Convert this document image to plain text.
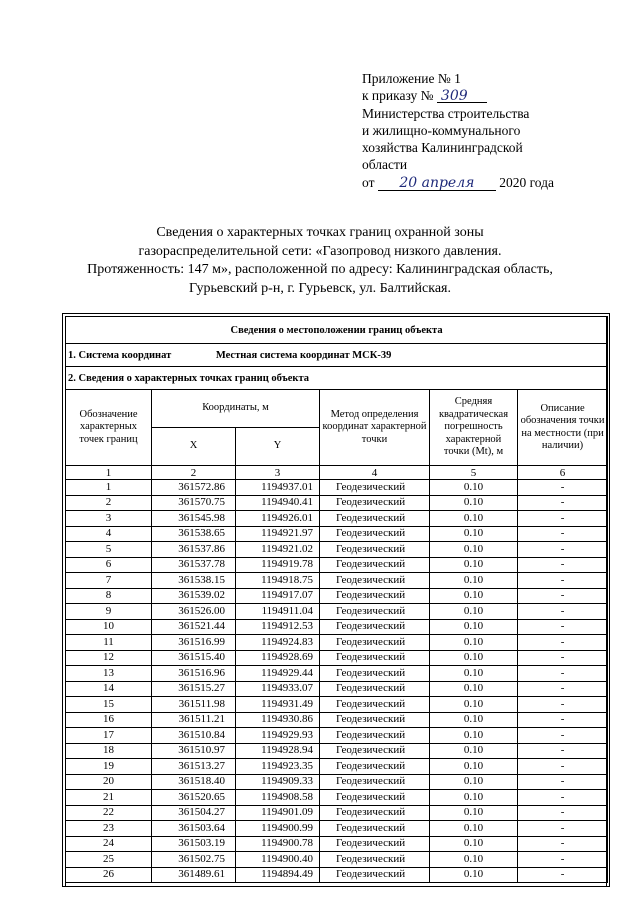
Приложение № 1
к приказу № 309
Министерства строительства
и жилищно-коммунального
хозяйства Калининградской
области
от 20 апреля 2020 года
Сведения о характерных точках границ охранной зоны
газораспределительной сети: «Газопровод низкого давления.
Протяженность: 147 м», расположенной по адресу: Калининградская область,
Гурьевский р-н, г. Гурьевск, ул. Балтийская.
Сведения о местоположении границ объекта					
1. Система координат Местная система координат МСК-39					
2. Сведения о характерных точках границ объекта					
Обозначение характерных точек границ	Координаты, м		Метод определения координат характерной точки	Средняя квадратическая погрешность характерной точки (Mt), м	Описание обозначения точки на местности (при наличии)
	X	Y			
1	2	3	4	5	6
1	361572.86	1194937.01	Геодезический	0.10	-
2	361570.75	1194940.41	Геодезический	0.10	-
3	361545.98	1194926.01	Геодезический	0.10	-
4	361538.65	1194921.97	Геодезический	0.10	-
5	361537.86	1194921.02	Геодезический	0.10	-
6	361537.78	1194919.78	Геодезический	0.10	-
7	361538.15	1194918.75	Геодезический	0.10	-
8	361539.02	1194917.07	Геодезический	0.10	-
9	361526.00	1194911.04	Геодезический	0.10	-
10	361521.44	1194912.53	Геодезический	0.10	-
11	361516.99	1194924.83	Геодезический	0.10	-
12	361515.40	1194928.69	Геодезический	0.10	-
13	361516.96	1194929.44	Геодезический	0.10	-
14	361515.27	1194933.07	Геодезический	0.10	-
15	361511.98	1194931.49	Геодезический	0.10	-
16	361511.21	1194930.86	Геодезический	0.10	-
17	361510.84	1194929.93	Геодезический	0.10	-
18	361510.97	1194928.94	Геодезический	0.10	-
19	361513.27	1194923.35	Геодезический	0.10	-
20	361518.40	1194909.33	Геодезический	0.10	-
21	361520.65	1194908.58	Геодезический	0.10	-
22	361504.27	1194901.09	Геодезический	0.10	-
23	361503.64	1194900.99	Геодезический	0.10	-
24	361503.19	1194900.78	Геодезический	0.10	-
25	361502.75	1194900.40	Геодезический	0.10	-
26	361489.61	1194894.49	Геодезический	0.10	-
